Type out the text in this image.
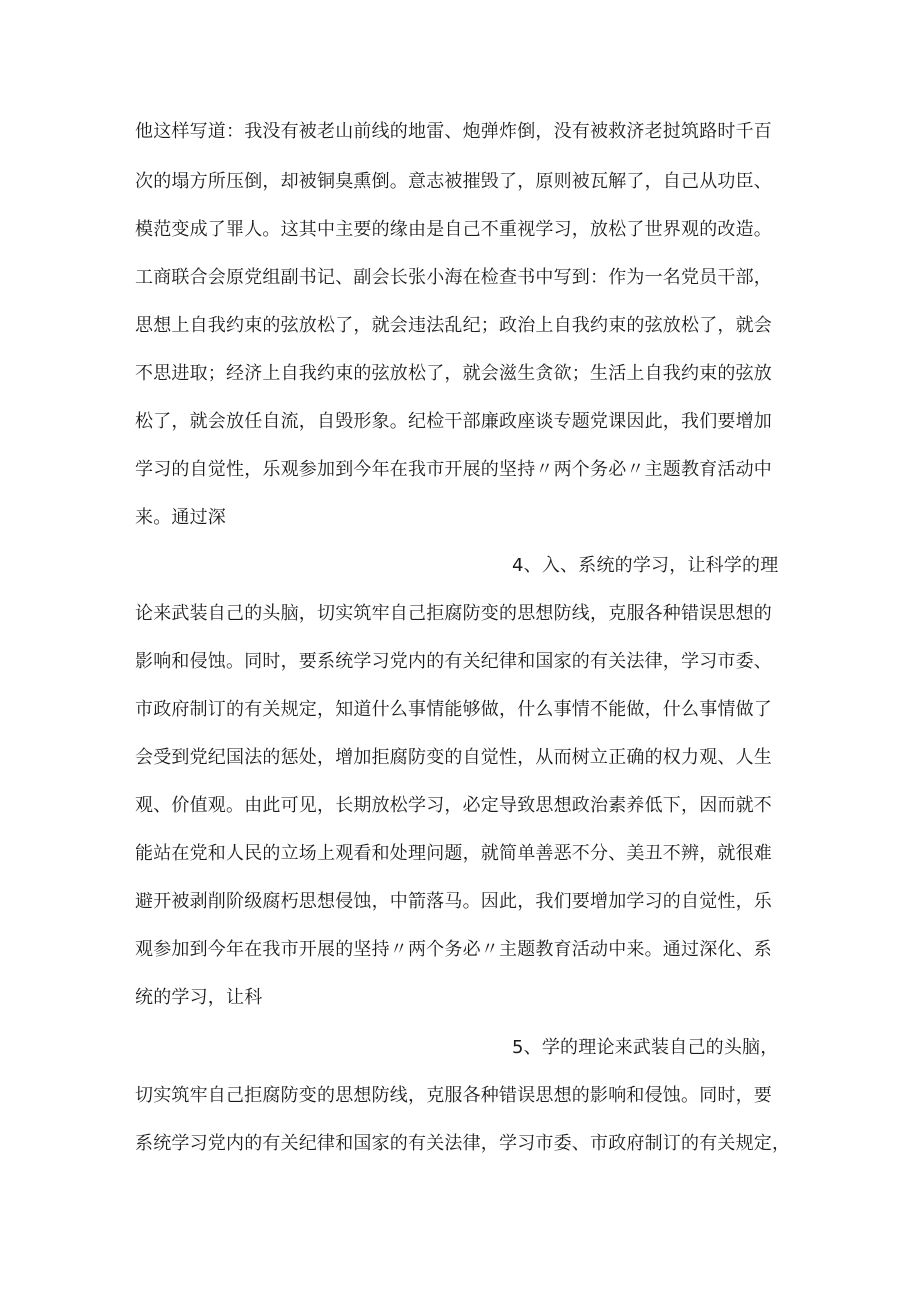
他这样写道：我没有被老山前线的地雷、炮弹炸倒，没有被救济老挝筑路时千百
次的塌方所压倒，却被铜臭熏倒。意志被摧毁了，原则被瓦解了，自己从功臣、
模范变成了罪人。这其中主要的缘由是自己不重视学习，放松了世界观的改造。
工商联合会原党组副书记、副会长张小海在检查书中写到：作为一名党员干部，
思想上自我约束的弦放松了，就会违法乱纪；政治上自我约束的弦放松了，就会
不思进取；经济上自我约束的弦放松了，就会滋生贪欲；生活上自我约束的弦放
松了，就会放任自流，自毁形象。纪检干部廉政座谈专题党课因此，我们要增加
学习的自觉性，乐观参加到今年在我市开展的坚持〃两个务必〃主题教育活动中
来。通过深
4、入、系统的学习，让科学的理
论来武装自己的头脑，切实筑牢自己拒腐防变的思想防线，克服各种错误思想的
影响和侵蚀。同时，要系统学习党内的有关纪律和国家的有关法律，学习市委、
市政府制订的有关规定，知道什么事情能够做，什么事情不能做，什么事情做了
会受到党纪国法的惩处，增加拒腐防变的自觉性，从而树立正确的权力观、人生
观、价值观。由此可见，长期放松学习，必定导致思想政治素养低下，因而就不
能站在党和人民的立场上观看和处理问题，就简单善恶不分、美丑不辨，就很难
避开被剥削阶级腐朽思想侵蚀，中箭落马。因此，我们要增加学习的自觉性，乐
观参加到今年在我市开展的坚持〃两个务必〃主题教育活动中来。通过深化、系
统的学习，让科
5、学的理论来武装自己的头脑，
切实筑牢自己拒腐防变的思想防线，克服各种错误思想的影响和侵蚀。同时，要
系统学习党内的有关纪律和国家的有关法律，学习市委、市政府制订的有关规定，
